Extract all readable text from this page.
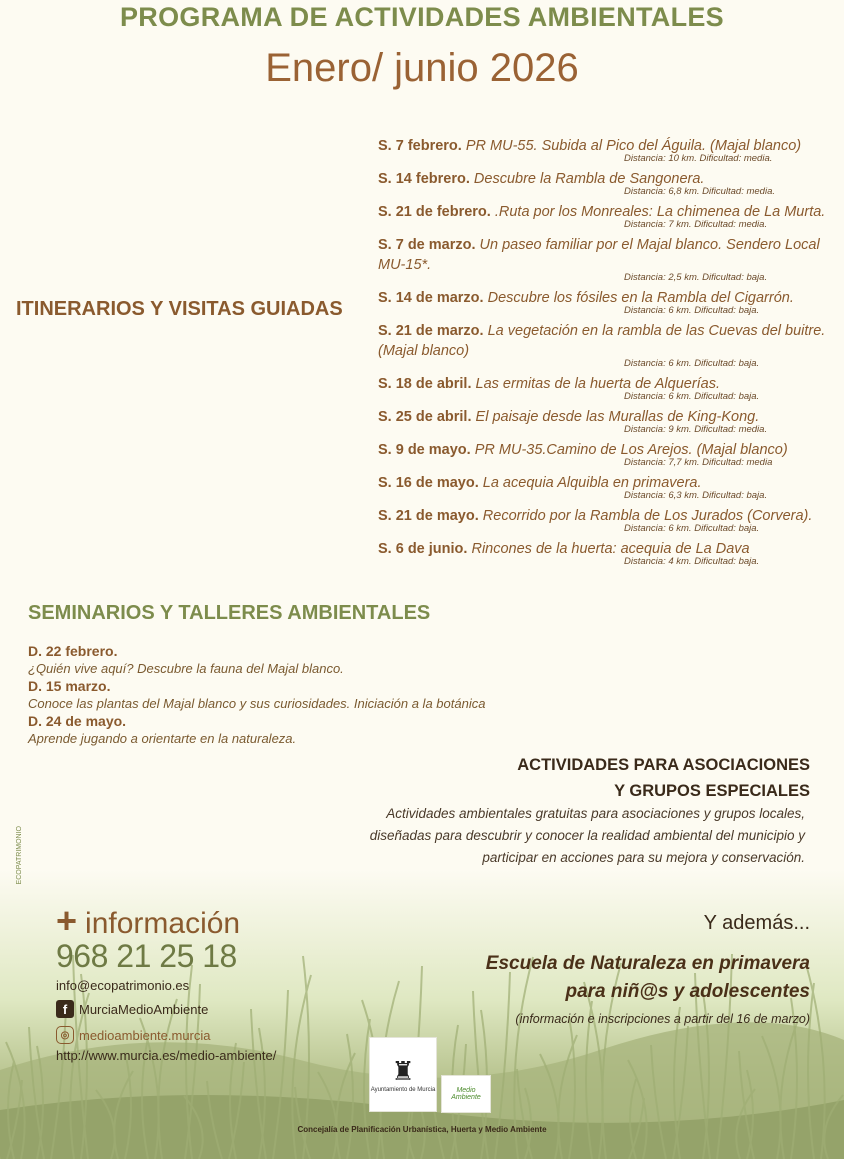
PROGRAMA DE ACTIVIDADES AMBIENTALES
Enero/ junio 2026
ITINERARIOS Y VISITAS GUIADAS
S. 7 febrero. PR MU-55. Subida al Pico del Águila. (Majal blanco)
Distancia: 10 km. Dificultad: media.
S. 14 febrero. Descubre la Rambla de Sangonera.
Distancia: 6,8 km. Dificultad: media.
S. 21 de febrero. .Ruta por los Monreales: La chimenea de La Murta.
Distancia: 7 km. Dificultad: media.
S. 7 de marzo. Un paseo familiar por el Majal blanco. Sendero Local MU-15*.
Distancia: 2,5 km. Dificultad: baja.
S. 14 de marzo. Descubre los fósiles en la Rambla del Cigarrón.
Distancia: 6 km. Dificultad: baja.
S. 21 de marzo. La vegetación en la rambla de las Cuevas del buitre. (Majal blanco)
Distancia: 6 km. Dificultad: baja.
S. 18 de abril. Las ermitas de la huerta de Alquerías.
Distancia: 6 km. Dificultad: baja.
S. 25 de abril. El paisaje desde las Murallas de King-Kong.
Distancia: 9 km. Dificultad: media.
S. 9 de mayo. PR MU-35.Camino de Los Arejos. (Majal blanco)
Distancia: 7,7 km. Dificultad: media
S. 16 de mayo. La acequia Alquibla en primavera.
Distancia: 6,3 km. Dificultad: baja.
S. 21 de mayo. Recorrido por la Rambla de Los Jurados (Corvera).
Distancia: 6 km. Dificultad: baja.
S. 6 de junio. Rincones de la huerta: acequia de La Dava
Distancia: 4 km. Dificultad: baja.
SEMINARIOS Y TALLERES AMBIENTALES
D. 22 febrero.
¿Quién vive aquí? Descubre la fauna del Majal blanco.
D. 15 marzo.
Conoce las plantas del Majal blanco y sus curiosidades. Iniciación a la botánica
D. 24 de mayo.
Aprende jugando a orientarte en la naturaleza.
ACTIVIDADES PARA ASOCIACIONES
Y GRUPOS ESPECIALES
Actividades ambientales gratuitas para asociaciones y grupos locales, diseñadas para descubrir y conocer la realidad ambiental del municipio y participar en acciones para su mejora y conservación.
ECOPATRIMONIO
+ información
968 21 25 18
info@ecopatrimonio.es
f MurciaMedioAmbiente
◎ medioambiente.murcia
http://www.murcia.es/medio-ambiente/
Y además...
Escuela de Naturaleza en primavera
para niñ@s y adolescentes
(información e inscripciones a partir del 16 de marzo)
♜
Ayuntamiento de Murcia	Medio Ambiente
Concejalía de Planificación Urbanística, Huerta y Medio Ambiente
